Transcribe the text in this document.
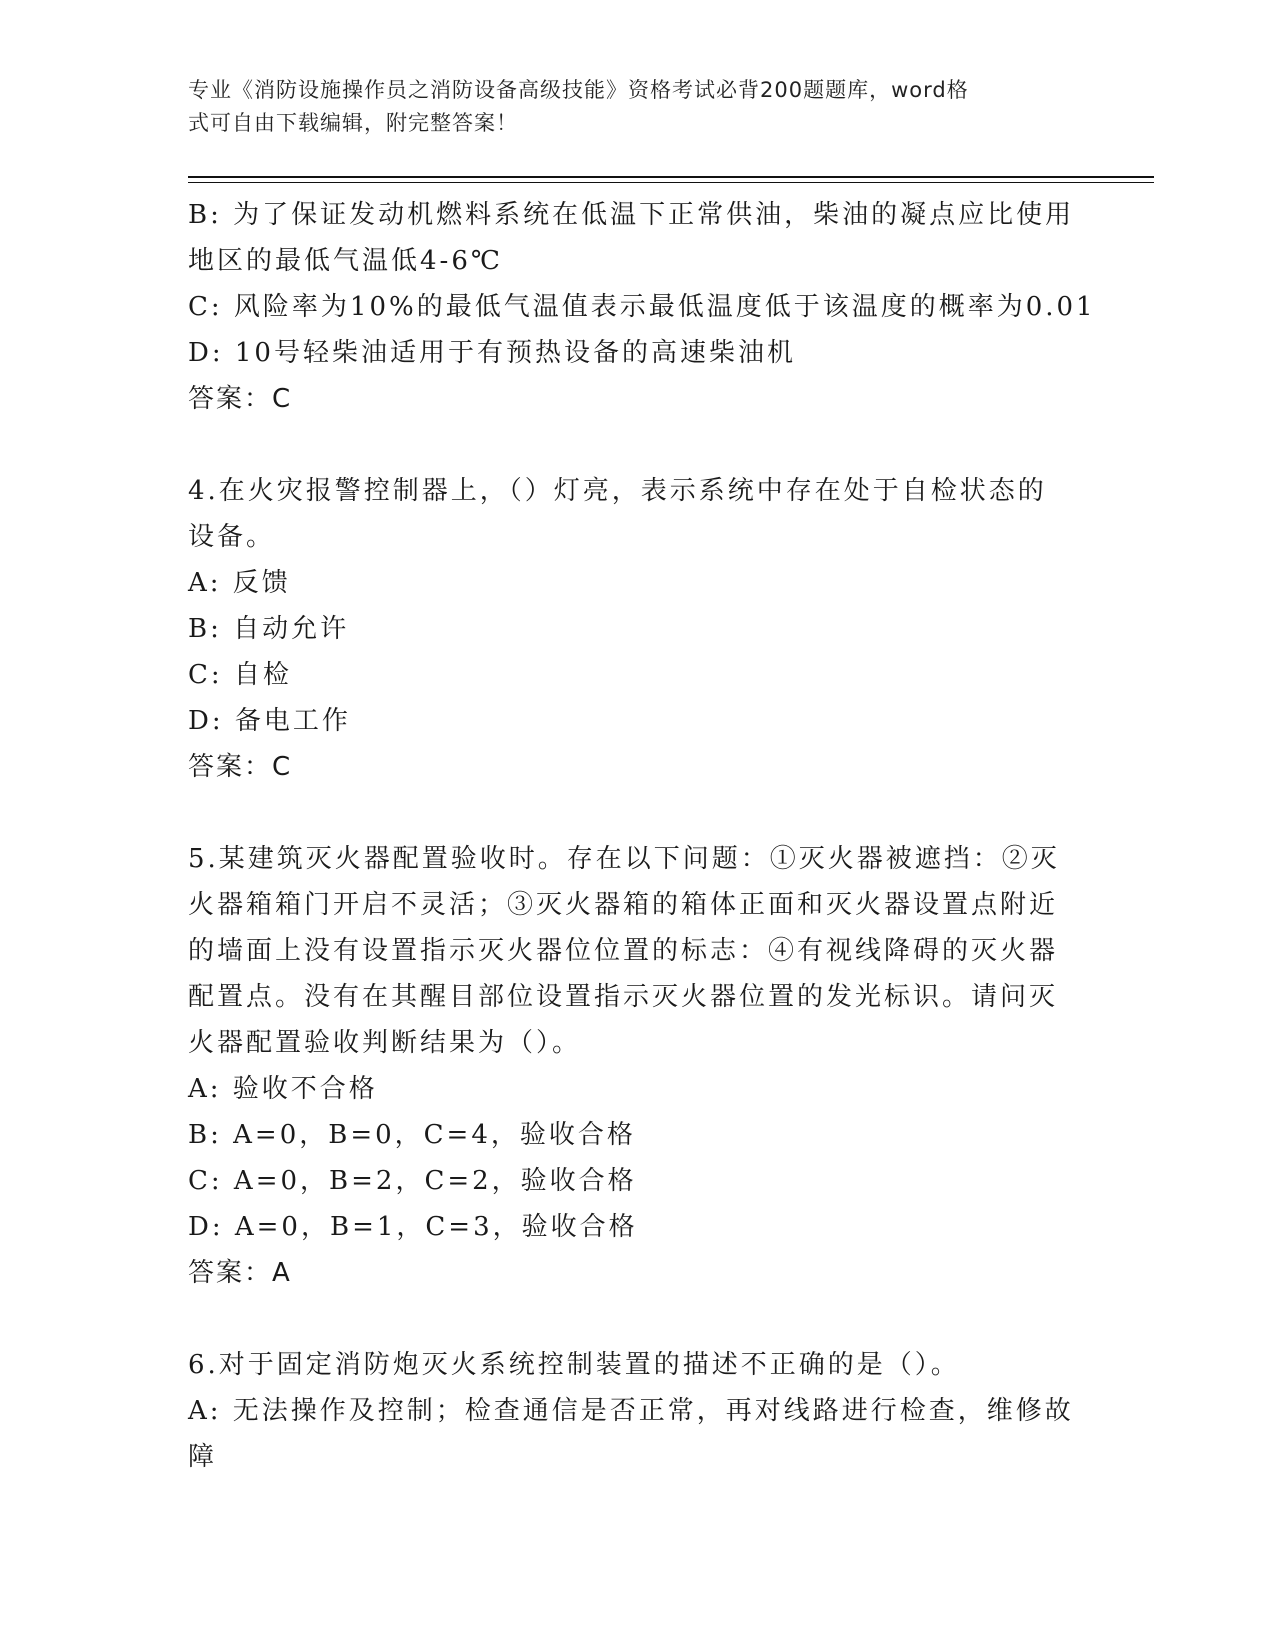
专业《消防设施操作员之消防设备高级技能》资格考试必背200题题库，word格
式可自由下载编辑，附完整答案！
B: 为了保证发动机燃料系统在低温下正常供油，柴油的凝点应比使用
地区的最低气温低4-6℃
C: 风险率为10%的最低气温值表示最低温度低于该温度的概率为0.01
D: 10号轻柴油适用于有预热设备的高速柴油机
答案：C
4.在火灾报警控制器上，（）灯亮，表示系统中存在处于自检状态的
设备。
A: 反馈
B: 自动允许
C: 自检
D: 备电工作
答案：C
5.某建筑灭火器配置验收时。存在以下问题：①灭火器被遮挡：②灭
火器箱箱门开启不灵活；③灭火器箱的箱体正面和灭火器设置点附近
的墙面上没有设置指示灭火器位位置的标志：④有视线降碍的灭火器
配置点。没有在其醒目部位设置指示灭火器位置的发光标识。请问灭
火器配置验收判断结果为（）。
A: 验收不合格
B: A=0，B=0，C=4，验收合格
C: A=0，B=2，C=2，验收合格
D: A=0，B=1，C=3，验收合格
答案：A
6.对于固定消防炮灭火系统控制装置的描述不正确的是（）。
A: 无法操作及控制；检查通信是否正常，再对线路进行检查，维修故
障
